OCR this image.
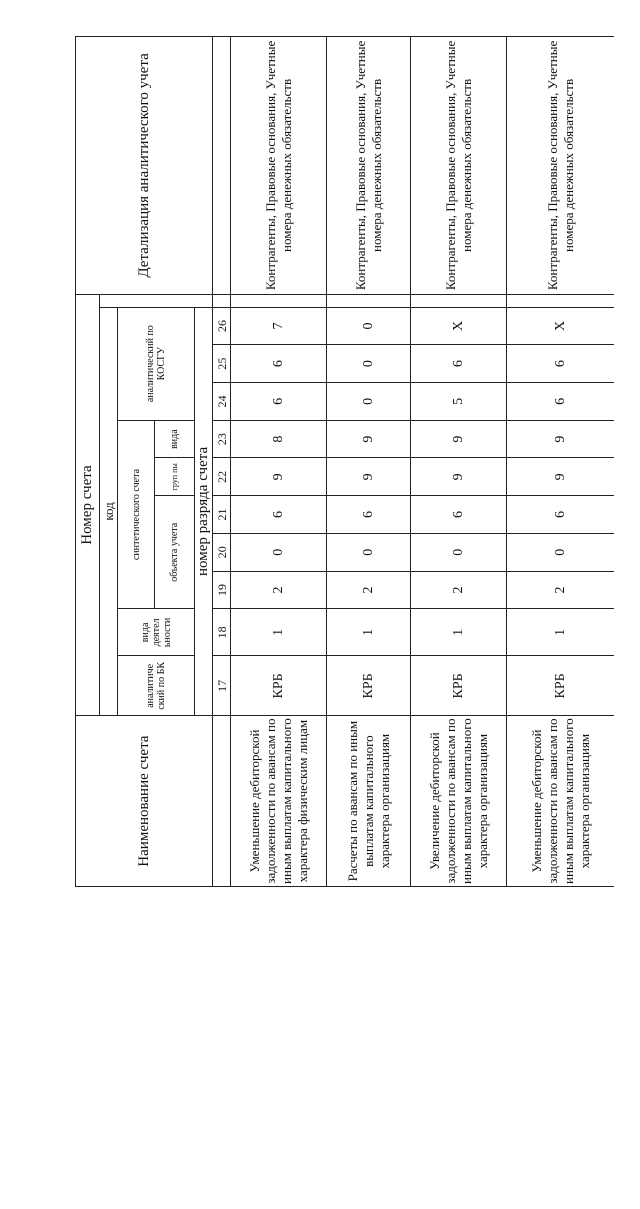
Наименование счета	Номер счета											Детализация аналитического учета
	код											
	аналитиче ский по БК	вида деятел ьности	синтетического счета					аналитический по КОСГУ				
			объекта учета			груп пы	вида					
	номер разряда счета											
	17	18	19	20	21	22	23	24	25	26		
Уменьшение дебиторской задолженности по авансам по иным выплатам капитального характера физическим лицам	КРБ	1	2	0	6	9	8	6	6	7		Контрагенты, Правовые основания, Учетные номера денежных обязательств
Расчеты по авансам по иным выплатам капитального характера организациям	КРБ	1	2	0	6	9	9	0	0	0		Контрагенты, Правовые основания, Учетные номера денежных обязательств
Увеличение дебиторской задолженности по авансам по иным выплатам капитального характера организациям	КРБ	1	2	0	6	9	9	5	6	X		Контрагенты, Правовые основания, Учетные номера денежных обязательств
Уменьшение дебиторской задолженности по авансам по иным выплатам капитального характера организациям	КРБ	1	2	0	6	9	9	6	6	X		Контрагенты, Правовые основания, Учетные номера денежных обязательств
